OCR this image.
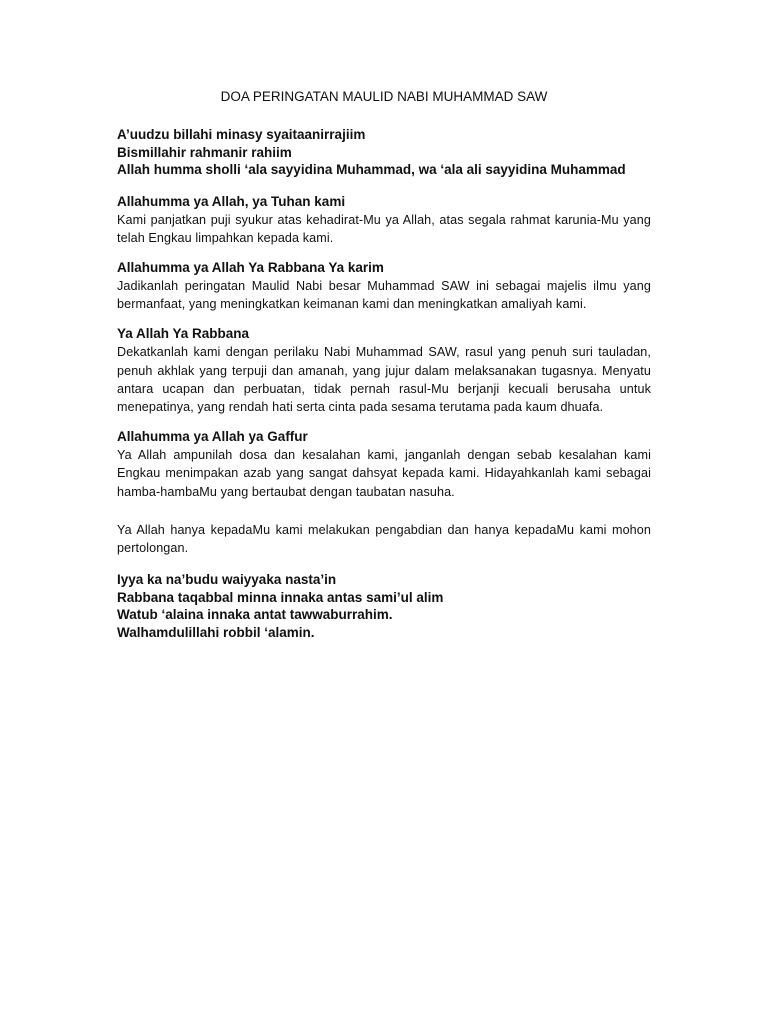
DOA PERINGATAN MAULID NABI MUHAMMAD SAW

A’uudzu billahi minasy syaitaanirrajiim

Bismillahir rahmanir rahiim

Allah humma sholli ‘ala sayyidina Muhammad, wa ‘ala ali sayyidina Muhammad

Allahumma ya Allah, ya Tuhan kami

Kami panjatkan puji syukur atas kehadirat-Mu ya Allah, atas segala rahmat karunia-Mu yang telah Engkau limpahkan kepada kami.

Allahumma ya Allah Ya Rabbana Ya karim

Jadikanlah peringatan Maulid Nabi besar Muhammad SAW ini sebagai majelis ilmu yang bermanfaat, yang meningkatkan keimanan kami dan meningkatkan amaliyah kami.

Ya Allah Ya Rabbana

Dekatkanlah kami dengan perilaku Nabi Muhammad SAW, rasul yang penuh suri tauladan, penuh akhlak yang terpuji dan amanah, yang jujur dalam melaksanakan tugasnya. Menyatu antara ucapan dan perbuatan, tidak pernah rasul-Mu berjanji kecuali berusaha untuk menepatinya, yang rendah hati serta cinta pada sesama terutama pada kaum dhuafa.

Allahumma ya Allah ya Gaffur

Ya Allah ampunilah dosa dan kesalahan kami, janganlah dengan sebab kesalahan kami Engkau menimpakan azab yang sangat dahsyat kepada kami. Hidayahkanlah kami sebagai hamba-hambaMu yang bertaubat dengan taubatan nasuha.

Ya Allah hanya kepadaMu kami melakukan pengabdian dan hanya kepadaMu kami mohon pertolongan.

Iyya ka na’budu waiyyaka nasta’in

Rabbana taqabbal minna innaka antas sami’ul alim

Watub ‘alaina innaka antat tawwaburrahim.

Walhamdulillahi robbil ‘alamin.
